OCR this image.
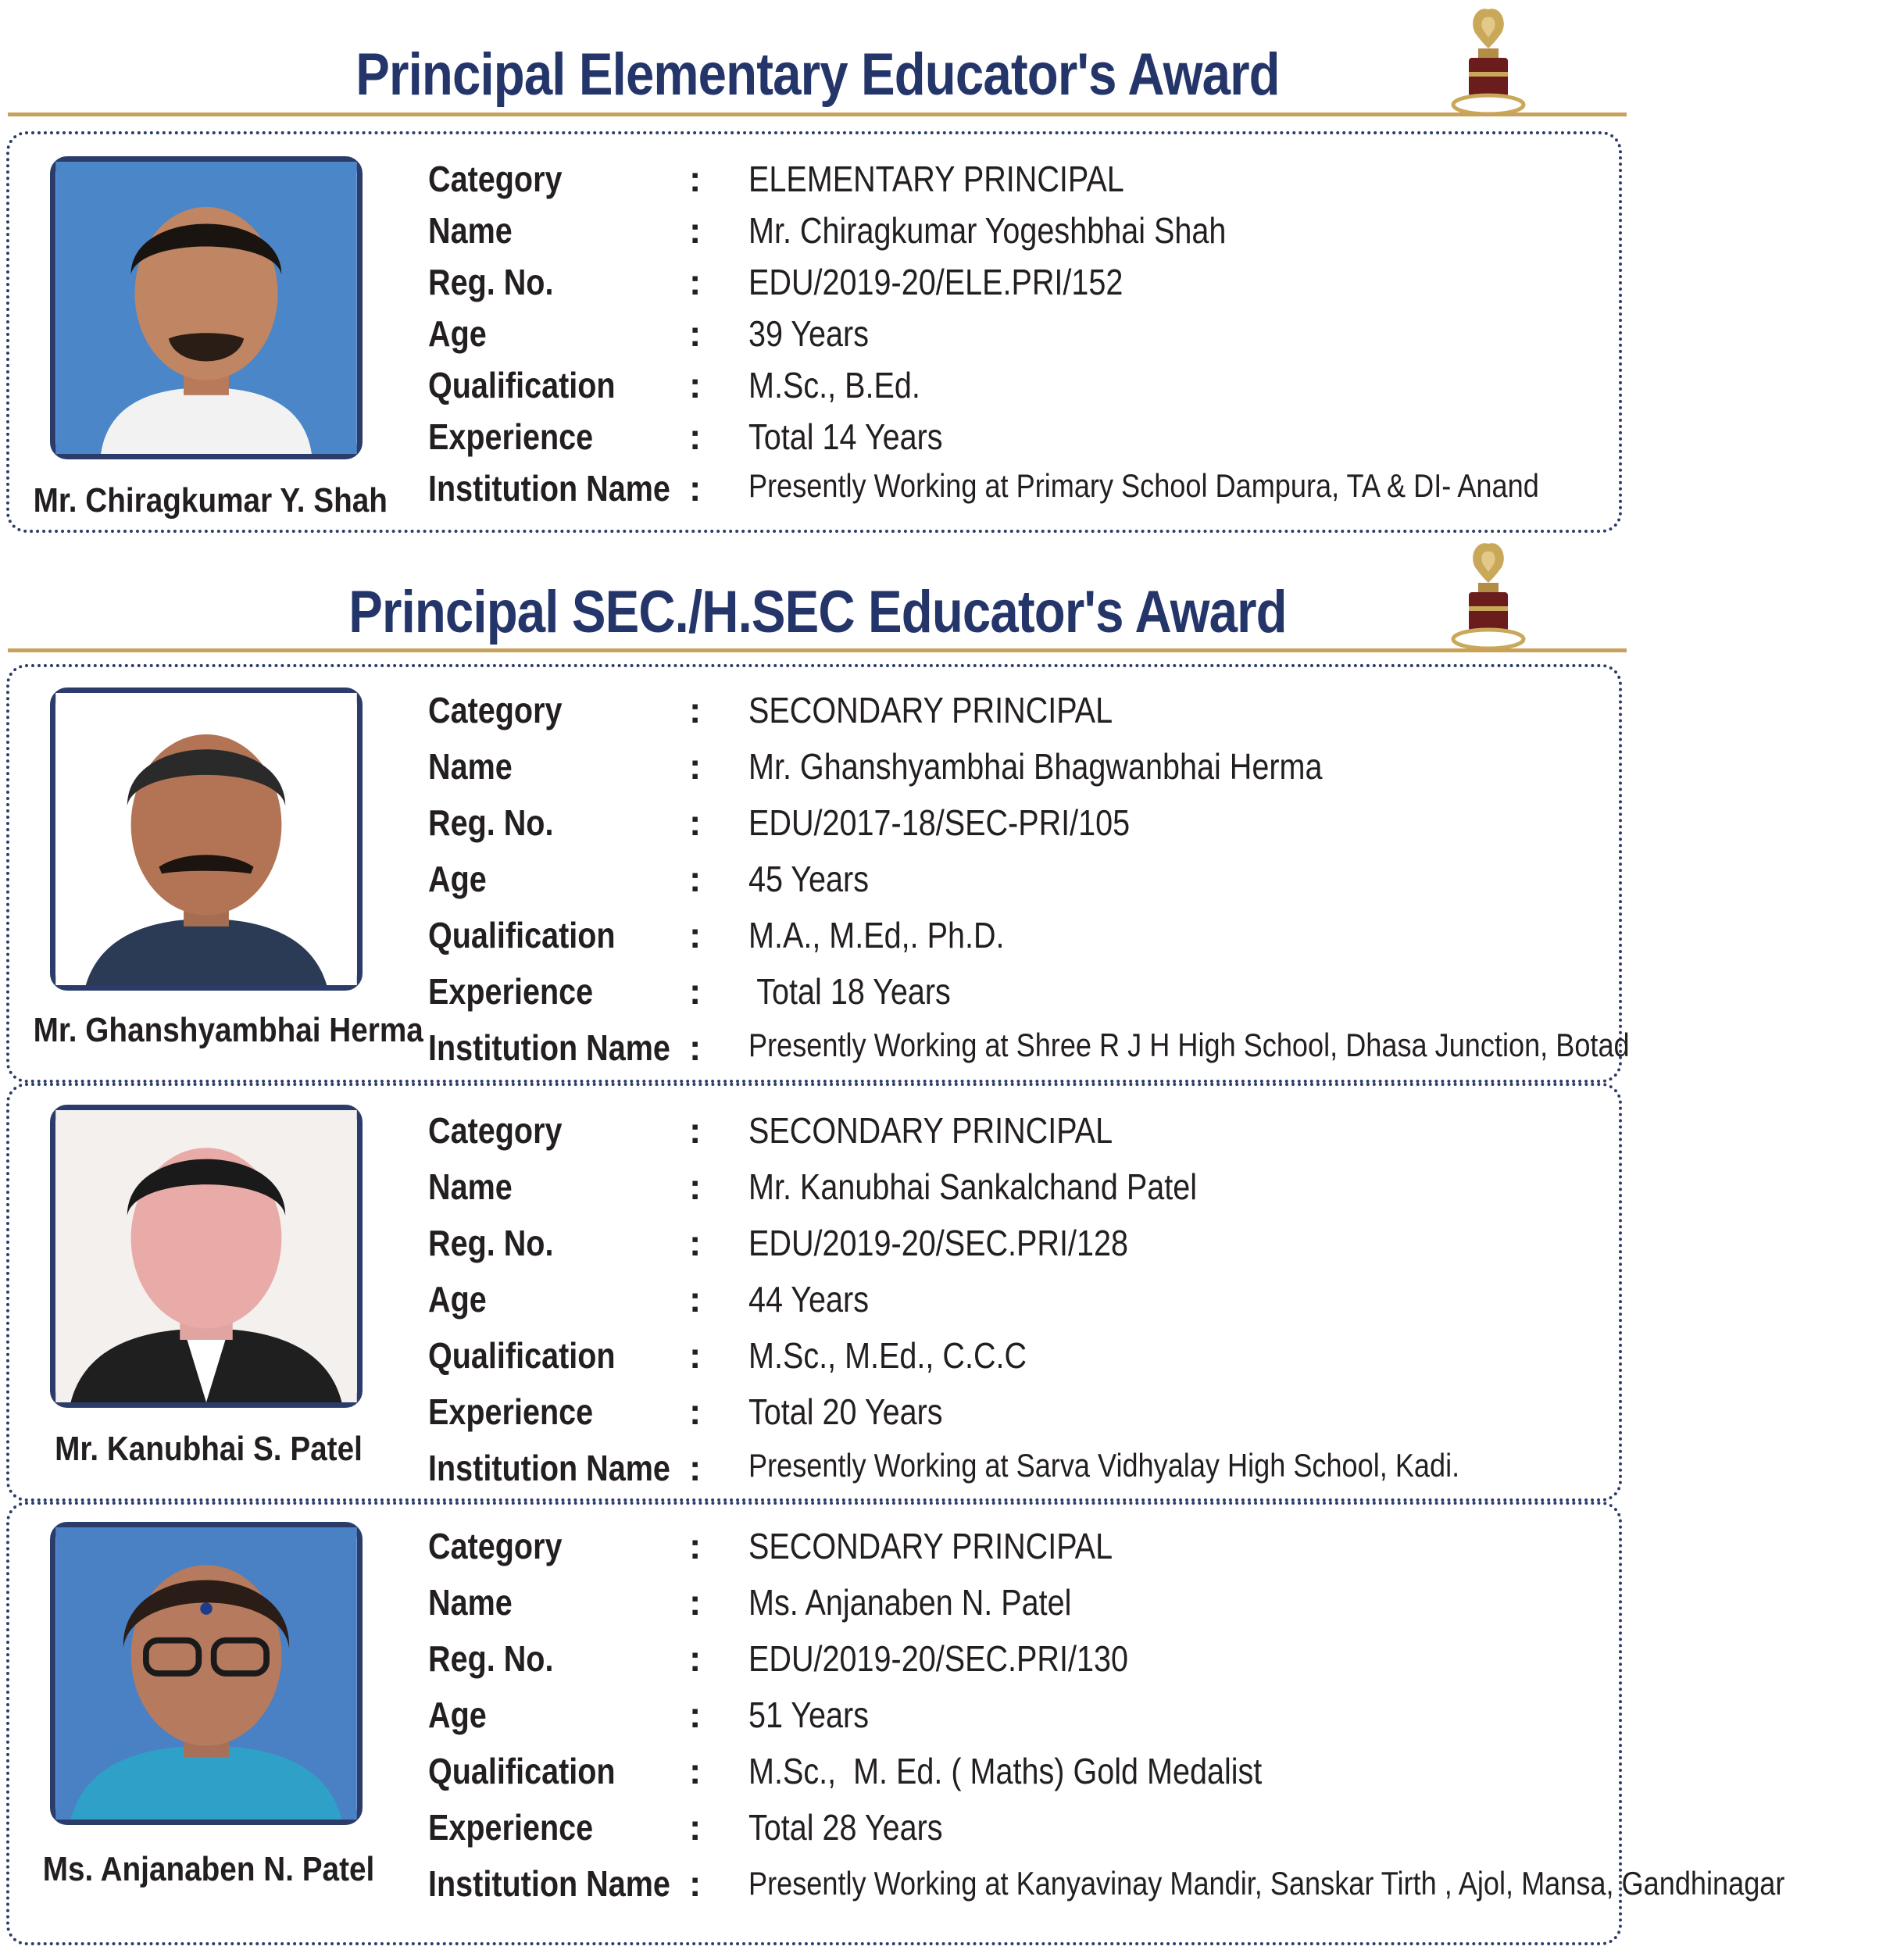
Principal Elementary Educator's Award
Mr. Chiragkumar Y. Shah
Category	: ELEMENTARY PRINCIPAL
Name	: Mr. Chiragkumar Yogeshbhai Shah
Reg. No.	: EDU/2019-20/ELE.PRI/152
Age	: 39 Years
Qualification : M.Sc., B.Ed.
Experience	: Total 14 Years
Institution Name : Presently Working at Primary School Dampura, TA & DI- Anand
Principal SEC./H.SEC Educator's Award
Mr. Ghanshyambhai Herma
Category	: SECONDARY PRINCIPAL
Name	: Mr. Ghanshyambhai Bhagwanbhai Herma
Reg. No.	: EDU/2017-18/SEC-PRI/105
Age	: 45 Years
Qualification : M.A., M.Ed,. Ph.D.
Experience	: Total 18 Years
Institution Name : Presently Working at Shree R J H High School, Dhasa Junction, Botad
Mr. Kanubhai S. Patel
Category	: SECONDARY PRINCIPAL
Name	: Mr. Kanubhai Sankalchand Patel
Reg. No.	: EDU/2019-20/SEC.PRI/128
Age	: 44 Years
Qualification : M.Sc., M.Ed., C.C.C
Experience	: Total 20 Years
Institution Name : Presently Working at Sarva Vidhyalay High School, Kadi.
Ms. Anjanaben N. Patel
Category	: SECONDARY PRINCIPAL
Name	: Ms. Anjanaben N. Patel
Reg. No.	: EDU/2019-20/SEC.PRI/130
Age	: 51 Years
Qualification : M.Sc.,  M. Ed. ( Maths) Gold Medalist
Experience	: Total 28 Years
Institution Name : Presently Working at Kanyavinay Mandir, Sanskar Tirth , Ajol, Mansa, Gandhinagar
